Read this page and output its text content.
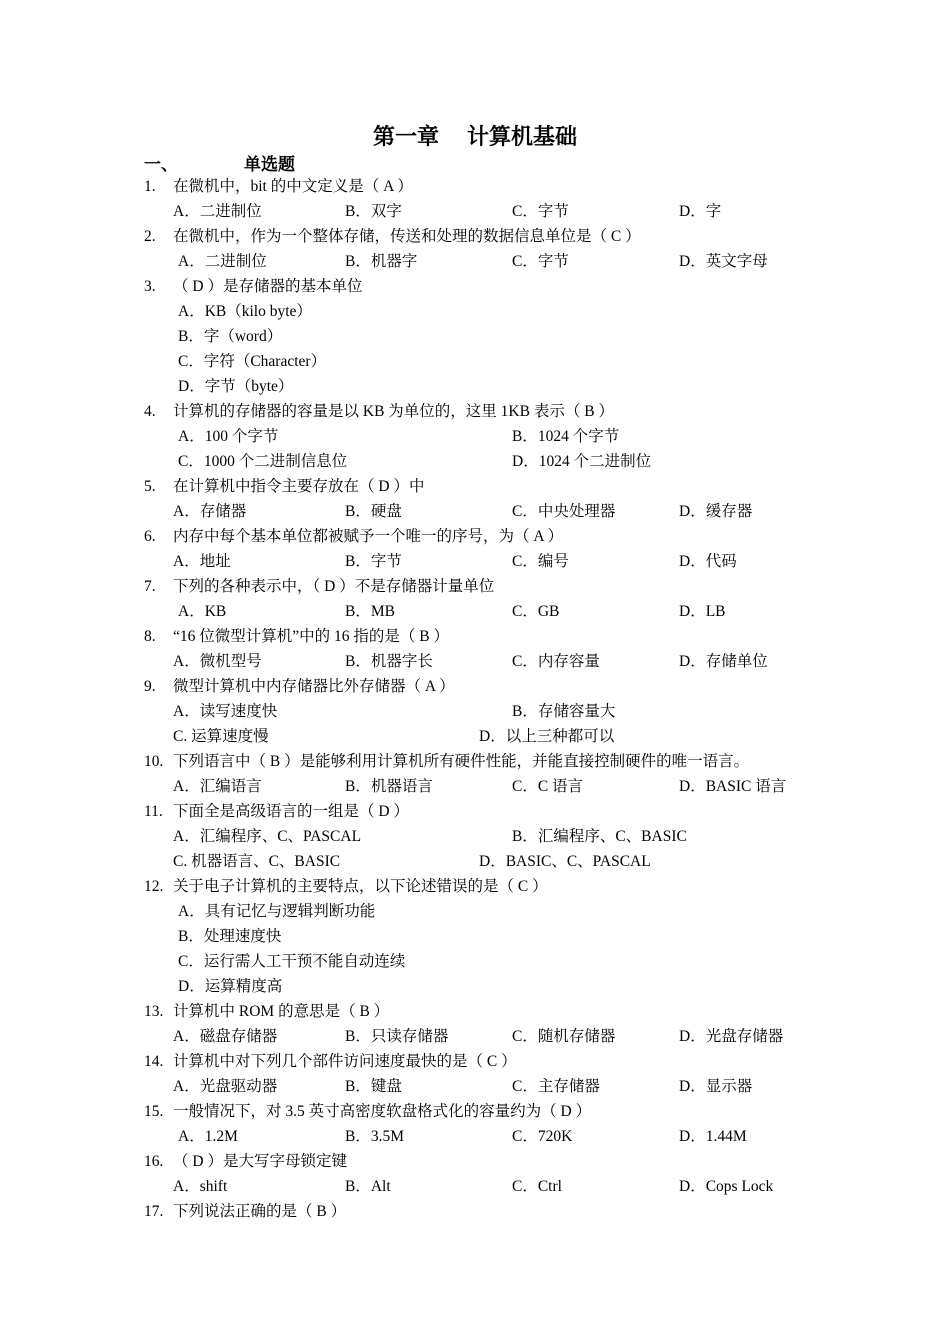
第一章 计算机基础
一、	单选题
1. 在微机中，bit 的中文定义是（ A ）
A．二进制位	B．双字	C．字节	D．字
2. 在微机中，作为一个整体存储，传送和处理的数据信息单位是（ C ）
A．二进制位	B．机器字	C．字节	D．英文字母
3. （ D ）是存储器的基本单位
A．KB（kilo byte）
B．字（word）
C．字符（Character）
D．字节（byte）
4. 计算机的存储器的容量是以 KB 为单位的，这里 1KB 表示（ B ）
A．100 个字节	B．1024 个字节
C．1000 个二进制信息位	D．1024 个二进制位
5. 在计算机中指令主要存放在（ D ）中
A．存储器	B．硬盘	C．中央处理器	D．缓存器
6. 内存中每个基本单位都被赋予一个唯一的序号，为（ A ）
A．地址	B．字节	C．编号	D．代码
7. 下列的各种表示中，（ D ）不是存储器计量单位
A．KB	B．MB	C．GB	D．LB
8. “16 位微型计算机”中的 16 指的是（ B ）
A．微机型号	B．机器字长	C．内存容量	D．存储单位
9. 微型计算机中内存储器比外存储器（ A ）
A．读写速度快	B．存储容量大
C. 运算速度慢	D．以上三种都可以
10. 下列语言中（ B ）是能够利用计算机所有硬件性能，并能直接控制硬件的唯一语言。
A．汇编语言	B．机器语言	C．C 语言	D．BASIC 语言
11. 下面全是高级语言的一组是（ D ）
A．汇编程序、C、PASCAL	B．汇编程序、C、BASIC
C. 机器语言、C、BASIC	D．BASIC、C、PASCAL
12. 关于电子计算机的主要特点，以下论述错误的是（ C ）
A．具有记忆与逻辑判断功能
B．处理速度快
C．运行需人工干预不能自动连续
D．运算精度高
13. 计算机中 ROM 的意思是（ B ）
A．磁盘存储器	B．只读存储器	C．随机存储器	D．光盘存储器
14. 计算机中对下列几个部件访问速度最快的是（ C ）
A．光盘驱动器	B．键盘	C．主存储器	D．显示器
15. 一般情况下，对 3.5 英寸高密度软盘格式化的容量约为（ D ）
A．1.2M	B．3.5M	C．720K	D．1.44M
16. （ D ）是大写字母锁定键
A．shift	B．Alt	C．Ctrl	D．Cops Lock
17. 下列说法正确的是（ B ）
